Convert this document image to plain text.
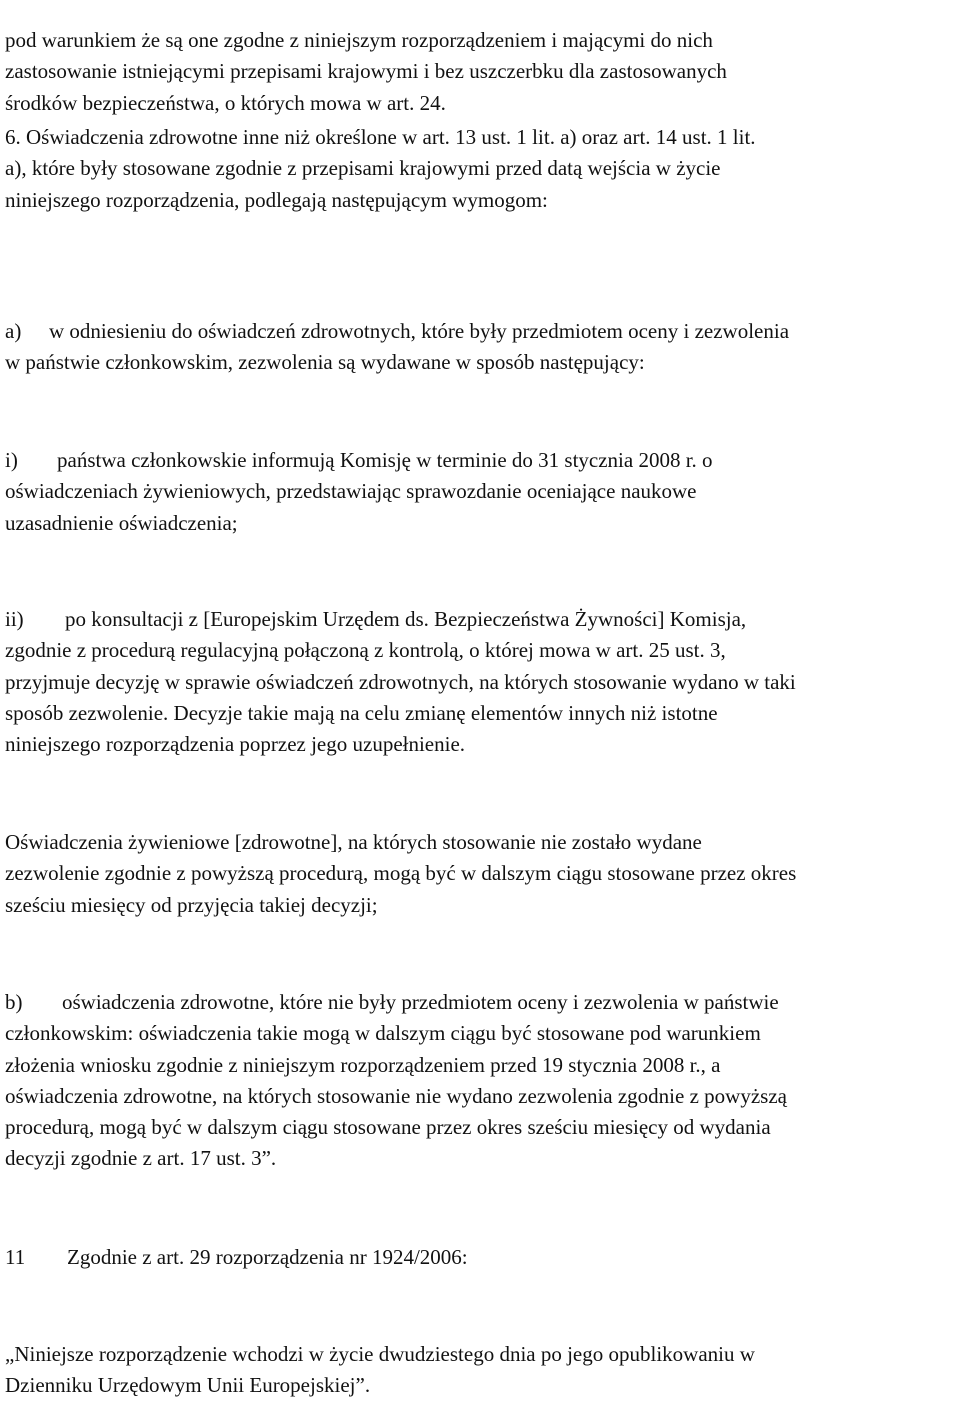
pod warunkiem że są one zgodne z niniejszym rozporządzeniem i mającymi do nich
zastosowanie istniejącymi przepisami krajowymi i bez uszczerbku dla zastosowanych
środków bezpieczeństwa, o których mowa w art. 24.
6. Oświadczenia zdrowotne inne niż określone w art. 13 ust. 1 lit. a) oraz art. 14 ust. 1 lit.
a), które były stosowane zgodnie z przepisami krajowymi przed datą wejścia w życie
niniejszego rozporządzenia, podlegają następującym wymogom:
a) w odniesieniu do oświadczeń zdrowotnych, które były przedmiotem oceny i zezwolenia
w państwie członkowskim, zezwolenia są wydawane w sposób następujący:
i) państwa członkowskie informują Komisję w terminie do 31 stycznia 2008 r. o
oświadczeniach żywieniowych, przedstawiając sprawozdanie oceniające naukowe
uzasadnienie oświadczenia;
ii) po konsultacji z [Europejskim Urzędem ds. Bezpieczeństwa Żywności] Komisja,
zgodnie z procedurą regulacyjną połączoną z kontrolą, o której mowa w art. 25 ust. 3,
przyjmuje decyzję w sprawie oświadczeń zdrowotnych, na których stosowanie wydano w taki
sposób zezwolenie. Decyzje takie mają na celu zmianę elementów innych niż istotne
niniejszego rozporządzenia poprzez jego uzupełnienie.
Oświadczenia żywieniowe [zdrowotne], na których stosowanie nie zostało wydane
zezwolenie zgodnie z powyższą procedurą, mogą być w dalszym ciągu stosowane przez okres
sześciu miesięcy od przyjęcia takiej decyzji;
b) oświadczenia zdrowotne, które nie były przedmiotem oceny i zezwolenia w państwie
członkowskim: oświadczenia takie mogą w dalszym ciągu być stosowane pod warunkiem
złożenia wniosku zgodnie z niniejszym rozporządzeniem przed 19 stycznia 2008 r., a
oświadczenia zdrowotne, na których stosowanie nie wydano zezwolenia zgodnie z powyższą
procedurą, mogą być w dalszym ciągu stosowane przez okres sześciu miesięcy od wydania
decyzji zgodnie z art. 17 ust. 3”.
11 Zgodnie z art. 29 rozporządzenia nr 1924/2006:
„Niniejsze rozporządzenie wchodzi w życie dwudziestego dnia po jego opublikowaniu w
Dzienniku Urzędowym Unii Europejskiej”.
